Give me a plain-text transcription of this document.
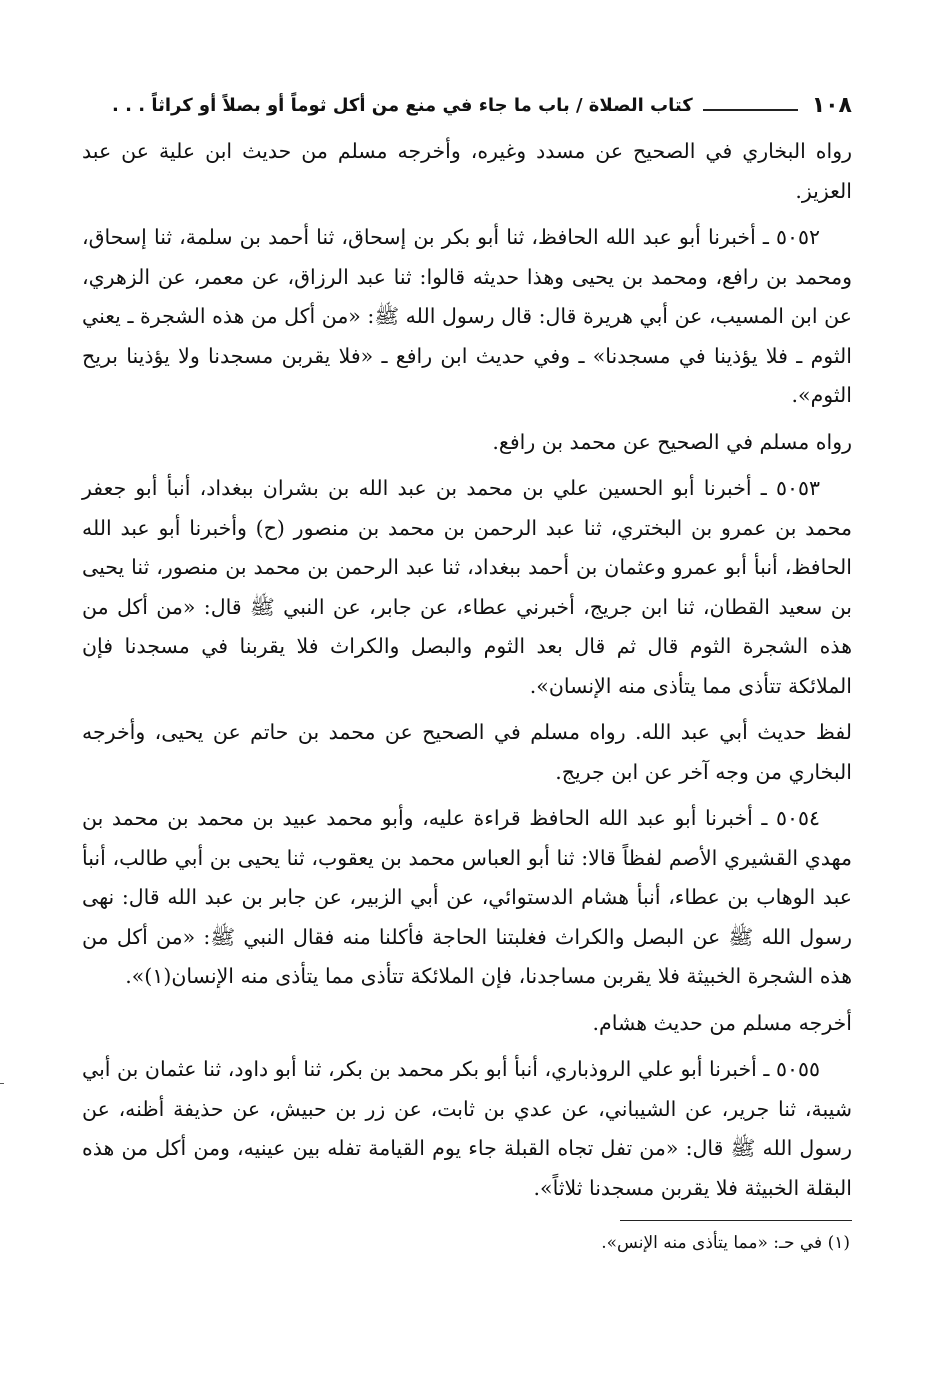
١٠٨
كتاب الصلاة / باب ما جاء في منع من أكل ثوماً أو بصلاً أو كراثاً . . .

رواه البخاري في الصحيح عن مسدد وغيره، وأخرجه مسلم من حديث ابن علية عن عبد العزيز.

٥٠٥٢ ـ أخبرنا أبو عبد الله الحافظ، ثنا أبو بكر بن إسحاق، ثنا أحمد بن سلمة، ثنا إسحاق، ومحمد بن رافع، ومحمد بن يحيى وهذا حديثه قالوا: ثنا عبد الرزاق، عن معمر، عن الزهري، عن ابن المسيب، عن أبي هريرة قال: قال رسول الله ﷺ: «من أكل من هذه الشجرة ـ يعني الثوم ـ فلا يؤذينا في مسجدنا» ـ وفي حديث ابن رافع ـ «فلا يقربن مسجدنا ولا يؤذينا بريح الثوم».

رواه مسلم في الصحيح عن محمد بن رافع.

٥٠٥٣ ـ أخبرنا أبو الحسين علي بن محمد بن عبد الله بن بشران ببغداد، أنبأ أبو جعفر محمد بن عمرو بن البختري، ثنا عبد الرحمن بن محمد بن منصور (ح) وأخبرنا أبو عبد الله الحافظ، أنبأ أبو عمرو وعثمان بن أحمد ببغداد، ثنا عبد الرحمن بن محمد بن منصور، ثنا يحيى بن سعيد القطان، ثنا ابن جريج، أخبرني عطاء، عن جابر، عن النبي ﷺ قال: «من أكل من هذه الشجرة الثوم قال ثم قال بعد الثوم والبصل والكراث فلا يقربنا في مسجدنا فإن الملائكة تتأذى مما يتأذى منه الإنسان».

لفظ حديث أبي عبد الله. رواه مسلم في الصحيح عن محمد بن حاتم عن يحيى، وأخرجه البخاري من وجه آخر عن ابن جريج.

٥٠٥٤ ـ أخبرنا أبو عبد الله الحافظ قراءة عليه، وأبو محمد عبيد بن محمد بن محمد بن مهدي القشيري الأصم لفظاً قالا: ثنا أبو العباس محمد بن يعقوب، ثنا يحيى بن أبي طالب، أنبأ عبد الوهاب بن عطاء، أنبأ هشام الدستوائي، عن أبي الزبير، عن جابر بن عبد الله قال: نهى رسول الله ﷺ عن البصل والكراث فغلبتنا الحاجة فأكلنا منه فقال النبي ﷺ: «من أكل من هذه الشجرة الخبيثة فلا يقربن مساجدنا، فإن الملائكة تتأذى مما يتأذى منه الإنسان(١)».

أخرجه مسلم من حديث هشام.

٥٠٥٥ ـ أخبرنا أبو علي الروذباري، أنبأ أبو بكر محمد بن بكر، ثنا أبو داود، ثنا عثمان بن أبي شيبة، ثنا جرير، عن الشيباني، عن عدي بن ثابت، عن زر بن حبيش، عن حذيفة أظنه، عن رسول الله ﷺ قال: «من تفل تجاه القبلة جاء يوم القيامة تفله بين عينيه، ومن أكل من هذه البقلة الخبيثة فلا يقربن مسجدنا ثلاثاً».

(١) في حـ: «مما يتأذى منه الإنس».
